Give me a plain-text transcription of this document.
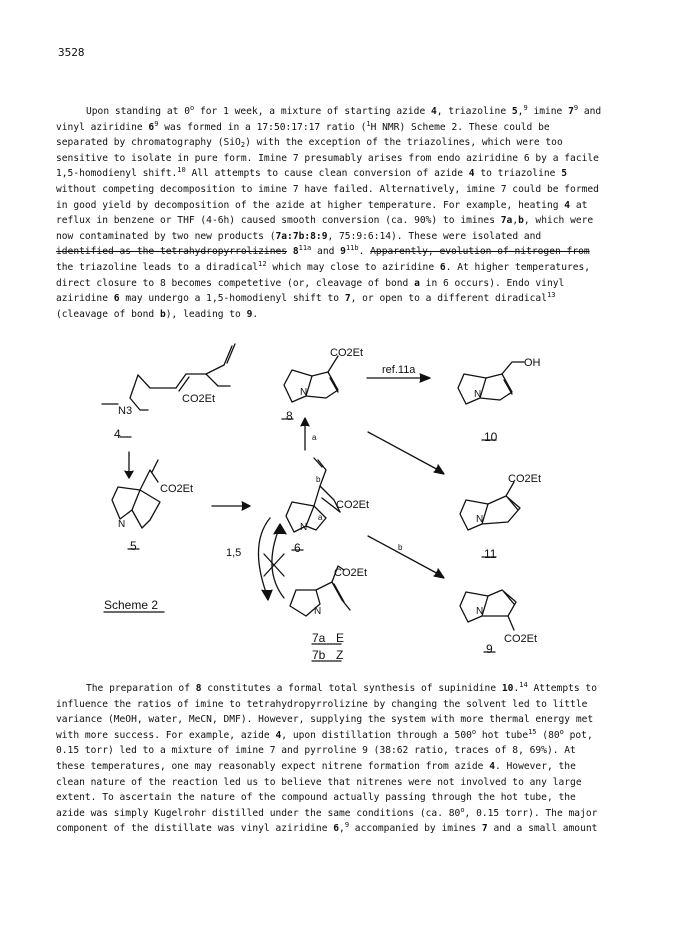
3528
Upon standing at 0$^o$ for 1 week, a mixture of starting azide 4, triazoline 5,$^9$ imine $7^9$ and
vinyl aziridine $6^9$ was formed in a 17:50:17:17 ratio ($^1$H NMR) Scheme 2. These could be
separated by chromatography (SiO$_2$) with the exception of the triazolines, which were too
sensitive to isolate in pure form. Imine 7 presumably arises from endo aziridine 6 by a facile
1,5-homodienyl shift.$^{10}$ All attempts to cause clean conversion of azide 4 to triazoline 5
without competing decomposition to imine 7 have failed. Alternatively, imine 7 could be formed
in good yield by decomposition of the azide at higher temperature. For example, heating 4 at
reflux in benzene or THF (4-6h) caused smooth conversion (ca. 90%) to imines 7a,b, which were
now contaminated by two new products (7a:7b:8:9, 75:9:6:14). These were isolated and
identified as the tetrahydropyrrolizines $8^{11a}$ and $9^{11b}$. Apparently, evolution of nitrogen from
the triazoline leads to a diradical$^{12}$ which may close to aziridine 6. At higher temperatures,
direct closure to 8 becomes competetive (or, cleavage of bond a in 6 occurs). Endo vinyl
aziridine 6 may undergo a 1,5-homodienyl shift to 7, or open to a different diradical$^{13}$
(cleavage of bond b), leading to 9.
CO2Et
N3
4
CO2Et
N
5
N
a
b
CO2Et
6
a
CO2Et
N
8
ref.11a
OH
N
10
CO2Et
N
11
b
N
CO2Et
9
1,5
CO2Et
N
7a E
7b Z
Scheme 2
The preparation of 8 constitutes a formal total synthesis of supinidine 10.14 Attempts to
influence the ratios of imine to tetrahydropyrrolizine by changing the solvent led to little
variance (MeOH, water, MeCN, DMF). However, supplying the system with more thermal energy met
with more success. For example, azide 4, upon distillation through a 500$^o$ hot tube$^{15}$ (80$^o$ pot,
0.15 torr) led to a mixture of imine 7 and pyrroline 9 (38:62 ratio, traces of 8, 69%). At
these temperatures, one may reasonably expect nitrene formation from azide 4. However, the
clean nature of the reaction led us to believe that nitrenes were not involved to any large
extent. To ascertain the nature of the compound actually passing through the hot tube, the
azide was simply Kugelrohr distilled under the same conditions (ca. 80$^o$, 0.15 torr). The major
component of the distillate was vinyl aziridine 6,$^9$ accompanied by imines 7 and a small amount
